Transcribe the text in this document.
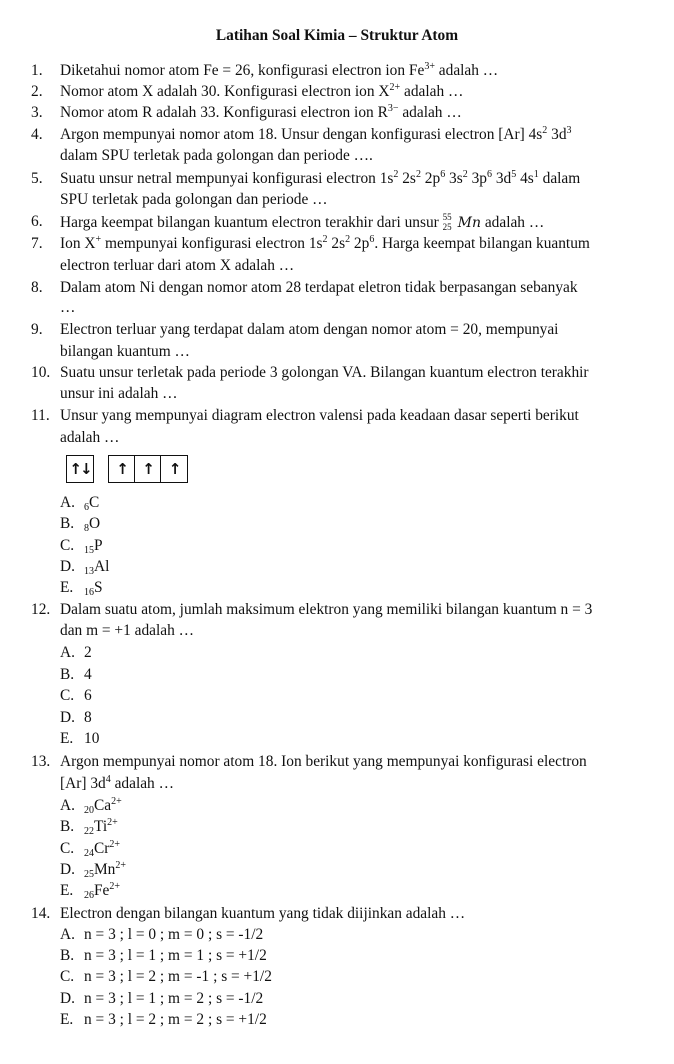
Latihan Soal Kimia – Struktur Atom
1. Diketahui nomor atom Fe = 26, konfigurasi electron ion $Fe^{3+}$ adalah …
2. Nomor atom X adalah 30. Konfigurasi electron ion $X^{2+}$ adalah …
3. Nomor atom R adalah 33. Konfigurasi electron ion $R^{3-}$ adalah …
4. Argon mempunyai nomor atom 18. Unsur dengan konfigurasi electron [Ar] $4s^2$ $3d^3$
dalam SPU terletak pada golongan dan periode ….
5. Suatu unsur netral mempunyai konfigurasi electron $1s^2$ $2s^2$ $2p^6$ $3s^2$ $3p^6$ $3d^5$ $4s^1$ dalam
SPU terletak pada golongan dan periode …
6. Harga keempat bilangan kuantum electron terakhir dari unsur 55
25 Mn adalah …
7. Ion X+ mempunyai konfigurasi electron $1s^2$ $2s^2$ $2p^6$. Harga keempat bilangan kuantum
electron terluar dari atom X adalah …
8. Dalam atom Ni dengan nomor atom 28 terdapat eletron tidak berpasangan sebanyak
…
9. Electron terluar yang terdapat dalam atom dengan nomor atom = 20, mempunyai
bilangan kuantum …
10. Suatu unsur terletak pada periode 3 golongan VA. Bilangan kuantum electron terakhir
unsur ini adalah …
11. Unsur yang mempunyai diagram electron valensi pada keadaan dasar seperti berikut
adalah …
↑↓	↑	↑	↑
A. 6C
B. 8O
C. 15P
D. 13Al
E. 16S
12. Dalam suatu atom, jumlah maksimum elektron yang memiliki bilangan kuantum n = 3
dan m = +1 adalah …
A. 2
B. 4
C. 6
D. 8
E. 10
13. Argon mempunyai nomor atom 18. Ion berikut yang mempunyai konfigurasi electron
[Ar] $3d^4$ adalah …
A. $20Ca^{2+}$
B. $22Ti^{2+}$
C. $24Cr^{2+}$
D. $25Mn^{2+}$
E. $26Fe^{2+}$
14. Electron dengan bilangan kuantum yang tidak diijinkan adalah …
A. n = 3 ; l = 0 ; m = 0 ; s = -1/2
B. n = 3 ; l = 1 ; m = 1 ; s = +1/2
C. n = 3 ; l = 2 ; m = -1 ; s = +1/2
D. n = 3 ; l = 1 ; m = 2 ; s = -1/2
E. n = 3 ; l = 2 ; m = 2 ; s = +1/2
